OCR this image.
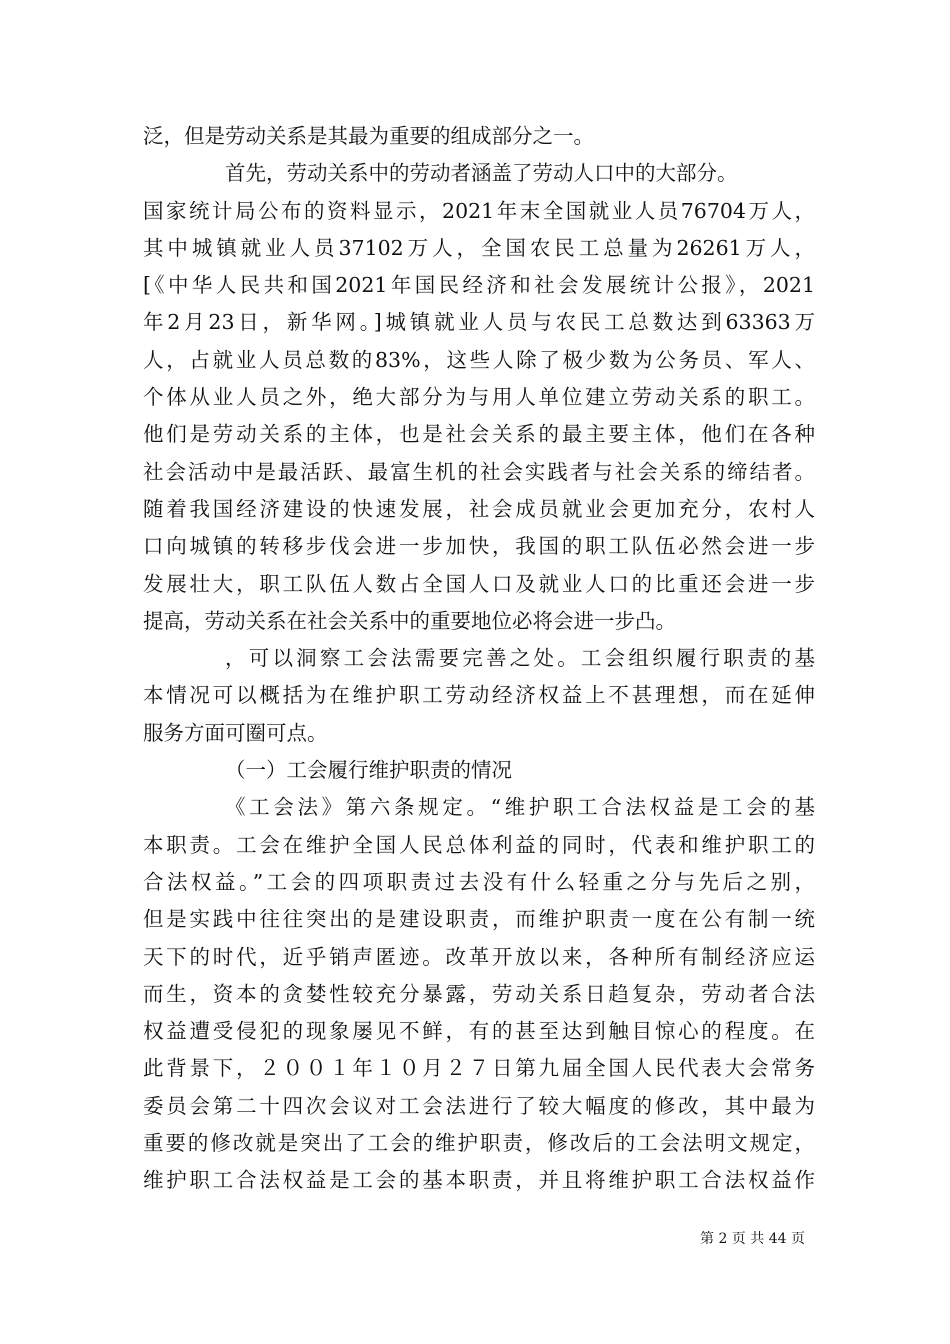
泛，但是劳动关系是其最为重要的组成部分之一。
首先，劳动关系中的劳动者涵盖了劳动人口中的大部分。
国家统计局公布的资料显示，2021年末全国就业人员76704万人，
其中城镇就业人员37102万人，全国农民工总量为26261万人，
[《中华人民共和国2021年国民经济和社会发展统计公报》，2021
年2月23日，新华网。]城镇就业人员与农民工总数达到63363万
人，占就业人员总数的83%，这些人除了极少数为公务员、军人、
个体从业人员之外，绝大部分为与用人单位建立劳动关系的职工。
他们是劳动关系的主体，也是社会关系的最主要主体，他们在各种
社会活动中是最活跃、最富生机的社会实践者与社会关系的缔结者。
随着我国经济建设的快速发展，社会成员就业会更加充分，农村人
口向城镇的转移步伐会进一步加快，我国的职工队伍必然会进一步
发展壮大，职工队伍人数占全国人口及就业人口的比重还会进一步
提高，劳动关系在社会关系中的重要地位必将会进一步凸。
，可以洞察工会法需要完善之处。工会组织履行职责的基
本情况可以概括为在维护职工劳动经济权益上不甚理想，而在延伸
服务方面可圈可点。
（一）工会履行维护职责的情况
《工会法》第六条规定。“维护职工合法权益是工会的基
本职责。工会在维护全国人民总体利益的同时，代表和维护职工的
合法权益。”工会的四项职责过去没有什么轻重之分与先后之别，
但是实践中往往突出的是建设职责，而维护职责一度在公有制一统
天下的时代，近乎销声匿迹。改革开放以来，各种所有制经济应运
而生，资本的贪婪性较充分暴露，劳动关系日趋复杂，劳动者合法
权益遭受侵犯的现象屡见不鲜，有的甚至达到触目惊心的程度。在
此背景下，２００１年１０月２７日第九届全国人民代表大会常务
委员会第二十四次会议对工会法进行了较大幅度的修改，其中最为
重要的修改就是突出了工会的维护职责，修改后的工会法明文规定，
维护职工合法权益是工会的基本职责，并且将维护职工合法权益作
第 2 页 共 44 页
